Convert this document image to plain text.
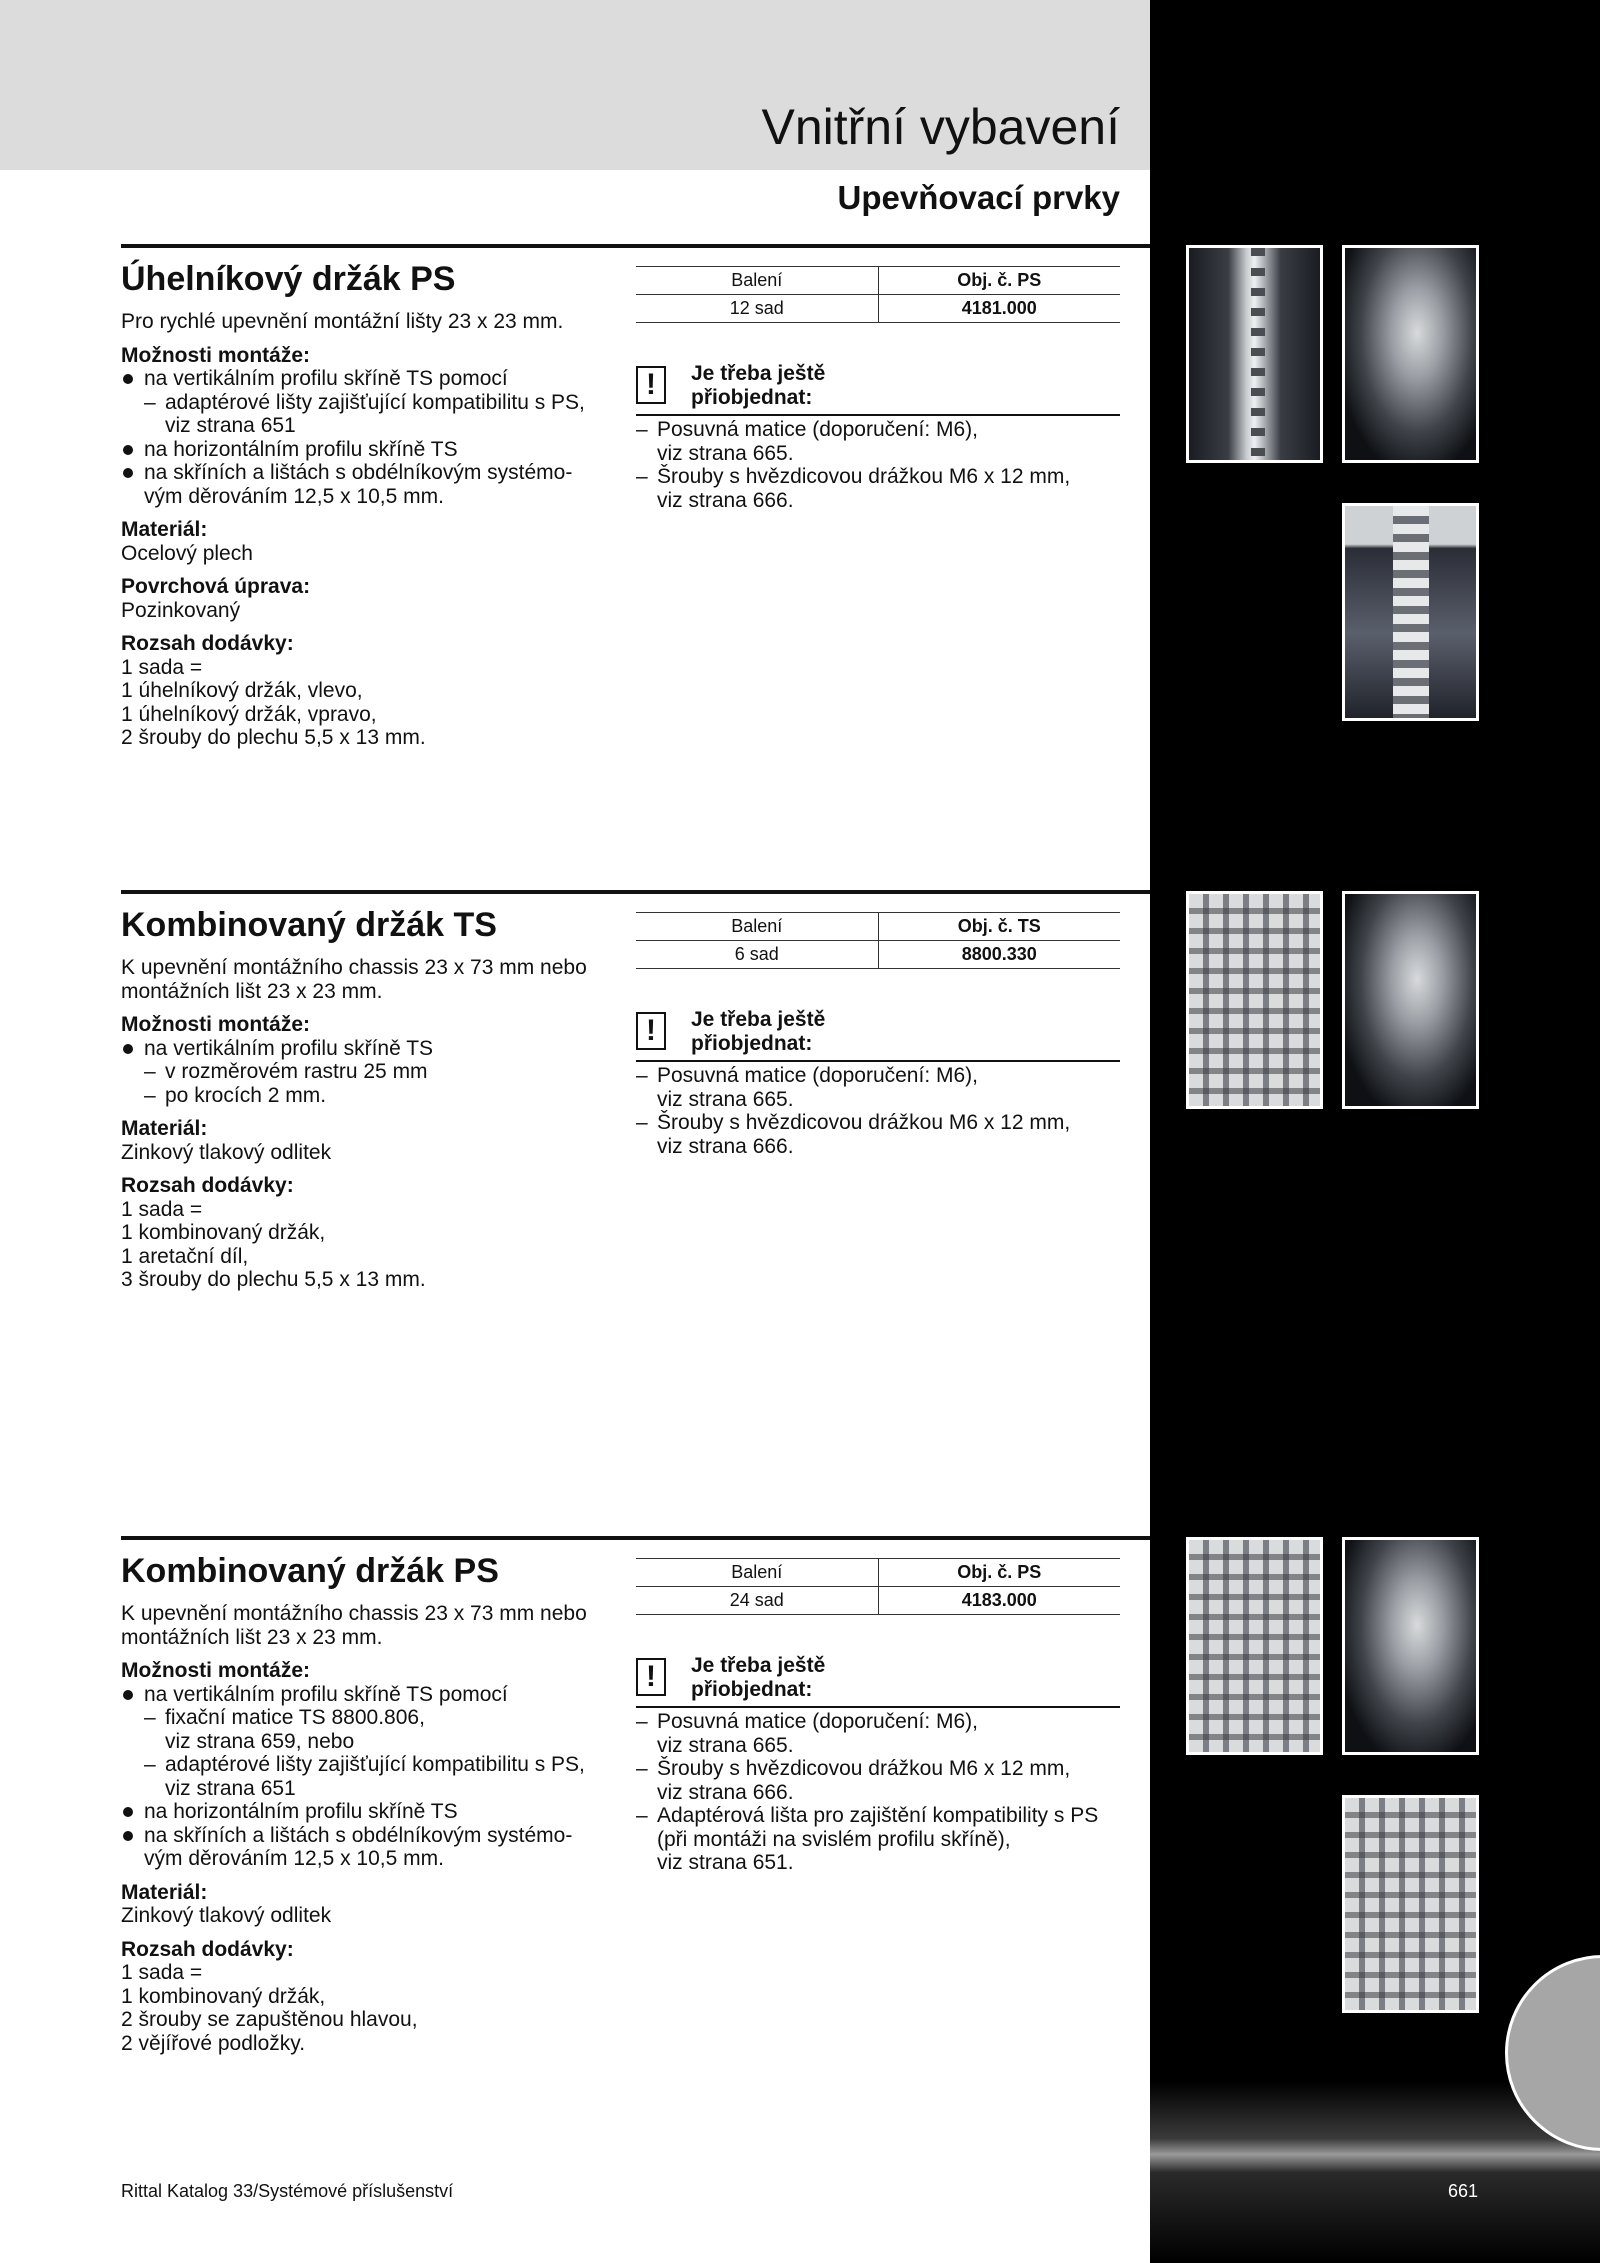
Vnitřní vybavení
Upevňovací prvky
Úhelníkový držák PS

Pro rychlé upevnění montážní lišty 23 x 23 mm.

Možnosti montáže:

na vertikálním profilu skříně TS pomocí
– adaptérové lišty zajišťující kompatibilitu s PS,
viz strana 651
na horizontálním profilu skříně TS
na skříních a lištách s obdélníkovým systémo-
vým děrováním 12,5 x 10,5 mm.

Materiál:

Ocelový plech

Povrchová úprava:

Pozinkovaný

Rozsah dodávky:

1 sada =

1 úhelníkový držák, vlevo,

1 úhelníkový držák, vpravo,

2 šrouby do plechu 5,5 x 13 mm.

Balení	Obj. č. PS
12 sad	4181.000
!	Je třeba ještě
přiobjednat:
– Posuvná matice (doporučení: M6),
viz strana 665.
– Šrouby s hvězdicovou drážkou M6 x 12 mm,
viz strana 666.
Kombinovaný držák TS

K upevnění montážního chassis 23 x 73 mm nebo

montážních lišt 23 x 23 mm.

Možnosti montáže:

na vertikálním profilu skříně TS
– v rozměrovém rastru 25 mm
– po krocích 2 mm.

Materiál:

Zinkový tlakový odlitek

Rozsah dodávky:

1 sada =

1 kombinovaný držák,

1 aretační díl,

3 šrouby do plechu 5,5 x 13 mm.

Balení	Obj. č. TS
6 sad	8800.330
!	Je třeba ještě
přiobjednat:
– Posuvná matice (doporučení: M6),
viz strana 665.
– Šrouby s hvězdicovou drážkou M6 x 12 mm,
viz strana 666.
Kombinovaný držák PS

K upevnění montážního chassis 23 x 73 mm nebo

montážních lišt 23 x 23 mm.

Možnosti montáže:

na vertikálním profilu skříně TS pomocí
– fixační matice TS 8800.806,
viz strana 659, nebo
– adaptérové lišty zajišťující kompatibilitu s PS,
viz strana 651
na horizontálním profilu skříně TS
na skříních a lištách s obdélníkovým systémo-
vým děrováním 12,5 x 10,5 mm.

Materiál:

Zinkový tlakový odlitek

Rozsah dodávky:

1 sada =

1 kombinovaný držák,

2 šrouby se zapuštěnou hlavou,

2 vějířové podložky.

Balení	Obj. č. PS
24 sad	4183.000
!	Je třeba ještě
přiobjednat:
– Posuvná matice (doporučení: M6),
viz strana 665.
– Šrouby s hvězdicovou drážkou M6 x 12 mm,
viz strana 666.
– Adaptérová lišta pro zajištění kompatibility s PS
(při montáži na svislém profilu skříně),
viz strana 651.
Rittal Katalog 33/Systémové příslušenství	661
